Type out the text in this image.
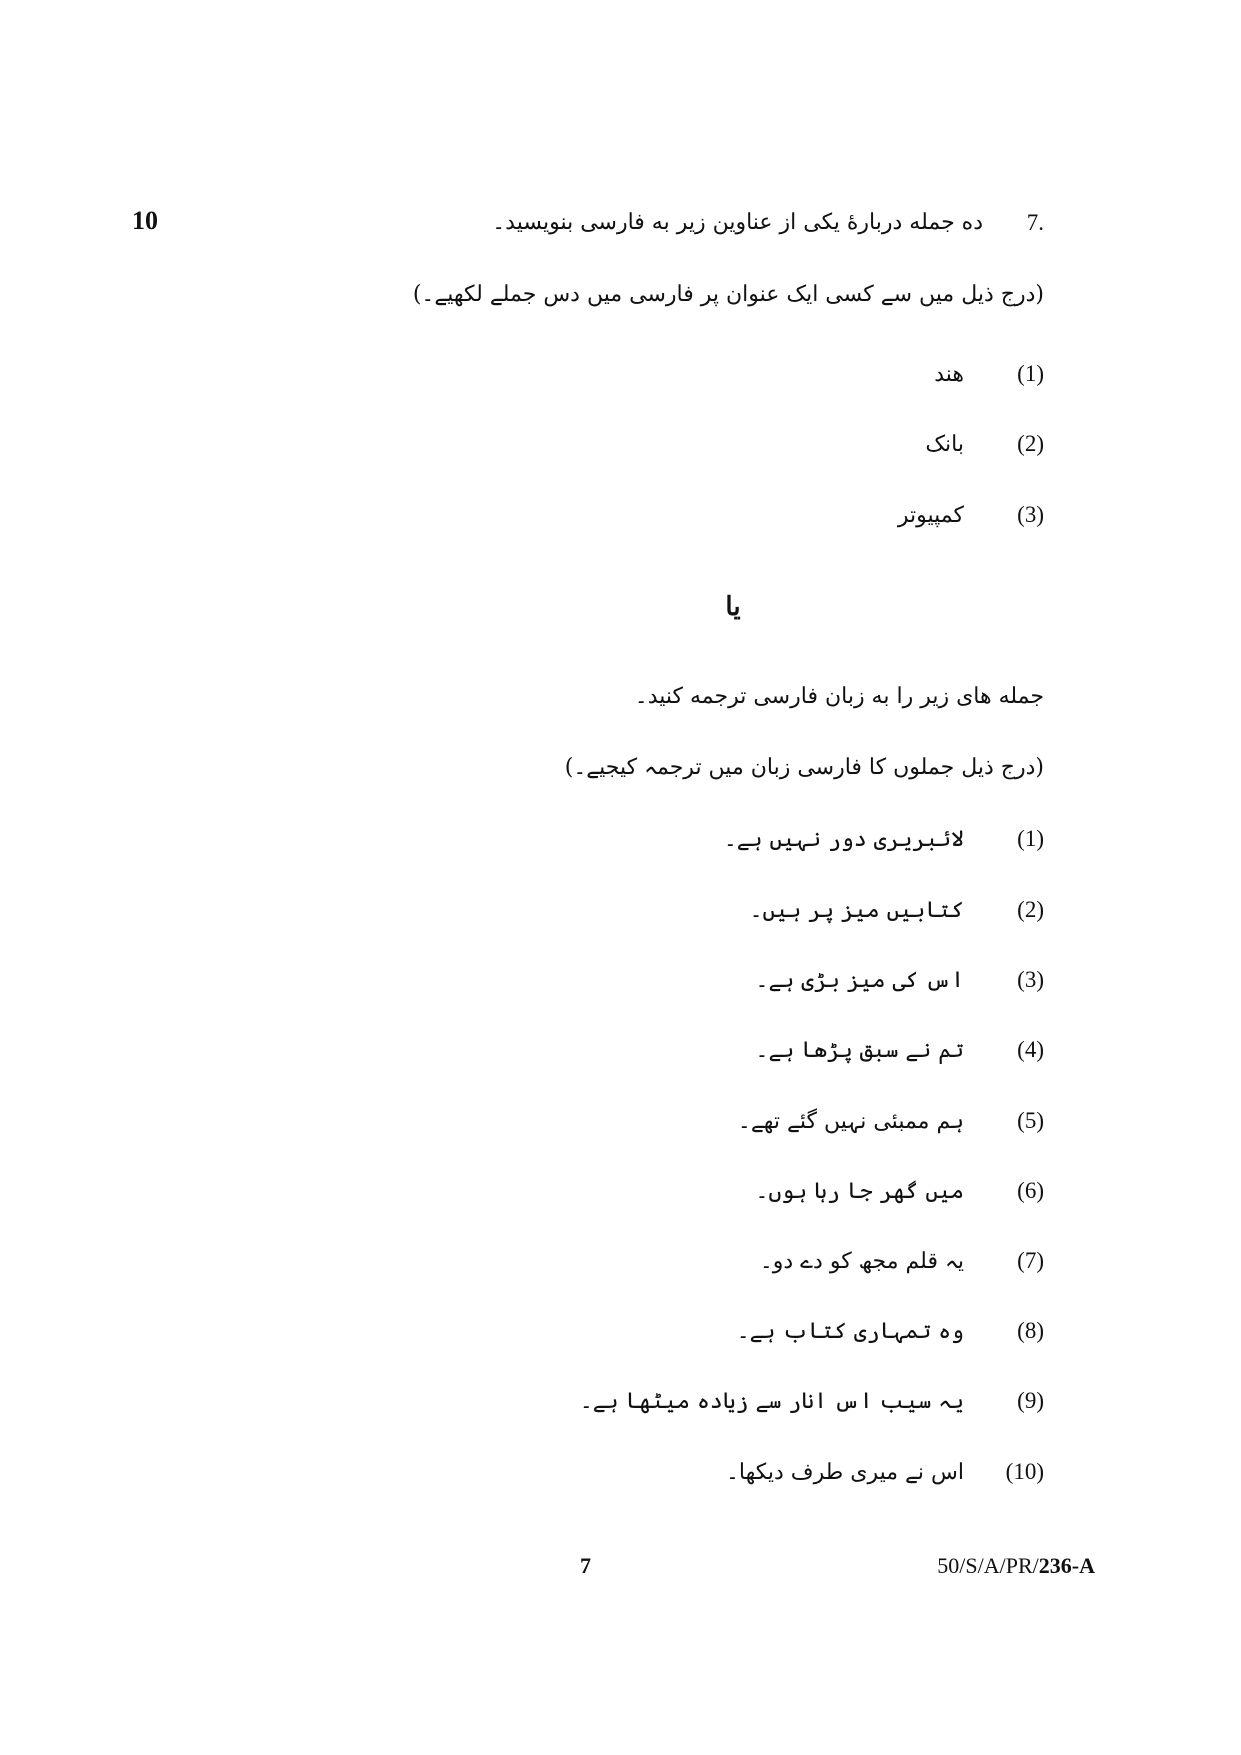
10	7.
ده جمله دربارهٔ یکی از عناوین زیر به فارسی بنویسید۔
(درج ذیل میں سے کسی ایک عنوان پر فارسی میں دس جملے لکھیے۔)
(1)
هند
(2)
بانک
(3)
کمپیوتر
یا
جمله های زیر را به زبان فارسی ترجمه کنید۔
(درج ذیل جملوں کا فارسی زبان میں ترجمہ کیجیے۔)
(1)
لائبریری دور نہیں ہے۔
(2)
کتابیں میز پر ہیں۔
(3)
اس کی میز بڑی ہے۔
(4)
تم نے سبق پڑھا ہے۔
(5)
ہم ممبئی نہیں گئے تھے۔
(6)
میں گھر جا رہا ہوں۔
(7)
یہ قلم مجھ کو دے دو۔
(8)
وہ تمہاری کتاب ہے۔
(9)
یہ سیب اس انار سے زیادہ میٹھا ہے۔
(10)
اس نے میری طرف دیکھا۔
7	50/S/A/PR/236-A
